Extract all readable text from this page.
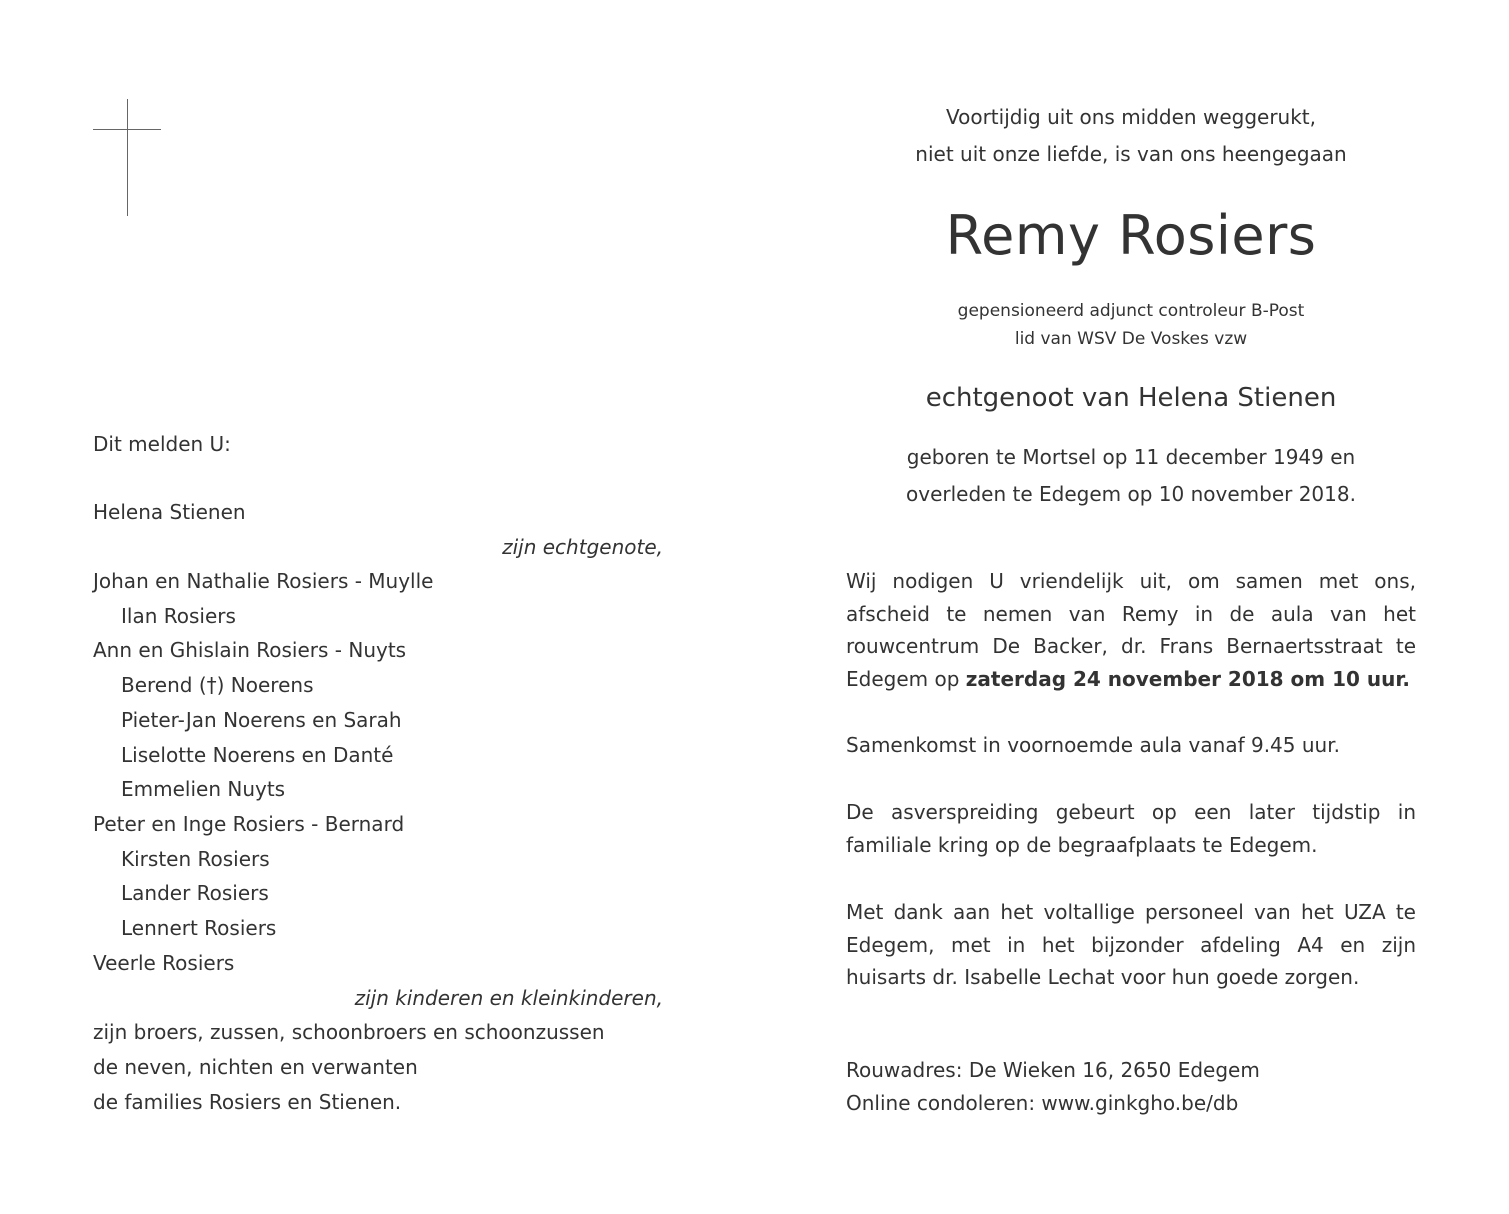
Dit melden U:
Helena Stienen
zijn echtgenote,
Johan en Nathalie Rosiers - Muylle
Ilan Rosiers
Ann en Ghislain Rosiers - Nuyts
Berend (†) Noerens
Pieter-Jan Noerens en Sarah
Liselotte Noerens en Danté
Emmelien Nuyts
Peter en Inge Rosiers - Bernard
Kirsten Rosiers
Lander Rosiers
Lennert Rosiers
Veerle Rosiers
zijn kinderen en kleinkinderen,
zijn broers, zussen, schoonbroers en schoonzussen
de neven, nichten en verwanten
de families Rosiers en Stienen.
Voortijdig uit ons midden weggerukt,
niet uit onze liefde, is van ons heengegaan
Remy Rosiers
gepensioneerd adjunct controleur B-Post
lid van WSV De Voskes vzw
echtgenoot van Helena Stienen
geboren te Mortsel op 11 december 1949 en
overleden te Edegem op 10 november 2018.
Wij nodigen U vriendelijk uit, om samen met ons, afscheid te nemen van Remy in de aula van het rouwcentrum De Backer, dr. Frans Bernaertsstraat te Edegem op zaterdag 24 november 2018 om 10 uur.
Samenkomst in voornoemde aula vanaf 9.45 uur.
De asverspreiding gebeurt op een later tijdstip in familiale kring op de begraafplaats te Edegem.
Met dank aan het voltallige personeel van het UZA te Edegem, met in het bijzonder afdeling A4 en zijn huisarts dr. Isabelle Lechat voor hun goede zorgen.
Rouwadres: De Wieken 16, 2650 Edegem
Online condoleren: www.ginkgho.be/db
